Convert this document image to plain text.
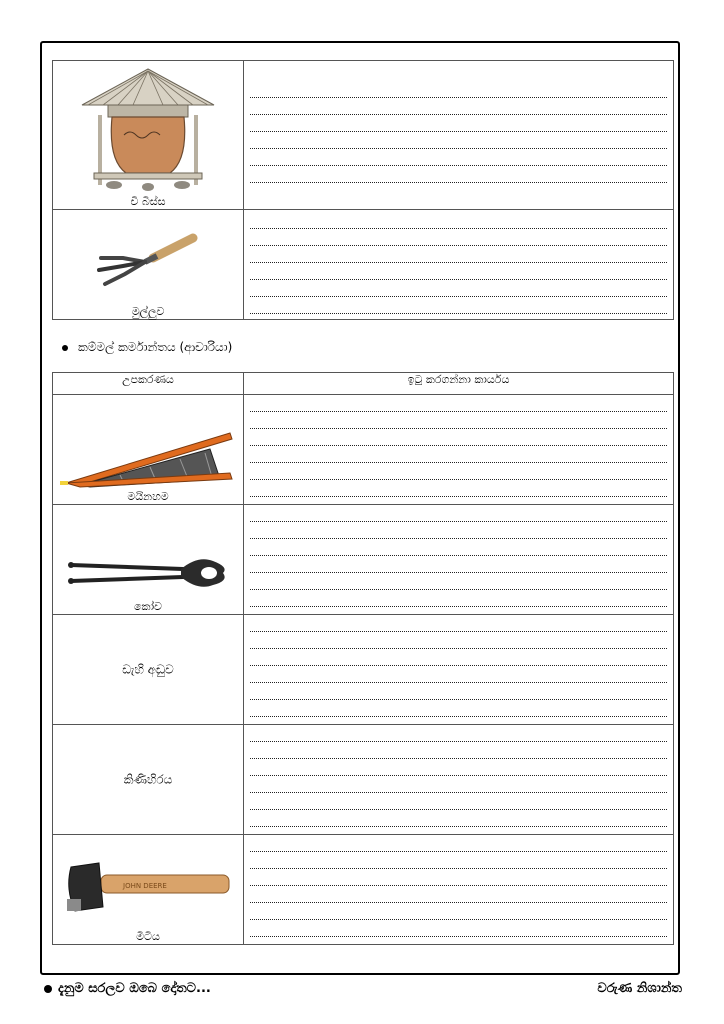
වී බිස්ස	

මුල්ලුව	

කම්මල් කර්මාන්තය (ආචාරියා)
උපකරණය	ඉටු කරගන්නා කාර්යය

මයිනහම	

කෝව	

ඩැහි අඬුව	

කිණිහිරය	

JOHN DEERE
මිටිය	

දැනුම සරලව ඔබෙ දෝතට...	වරුණ නිශාන්ත
